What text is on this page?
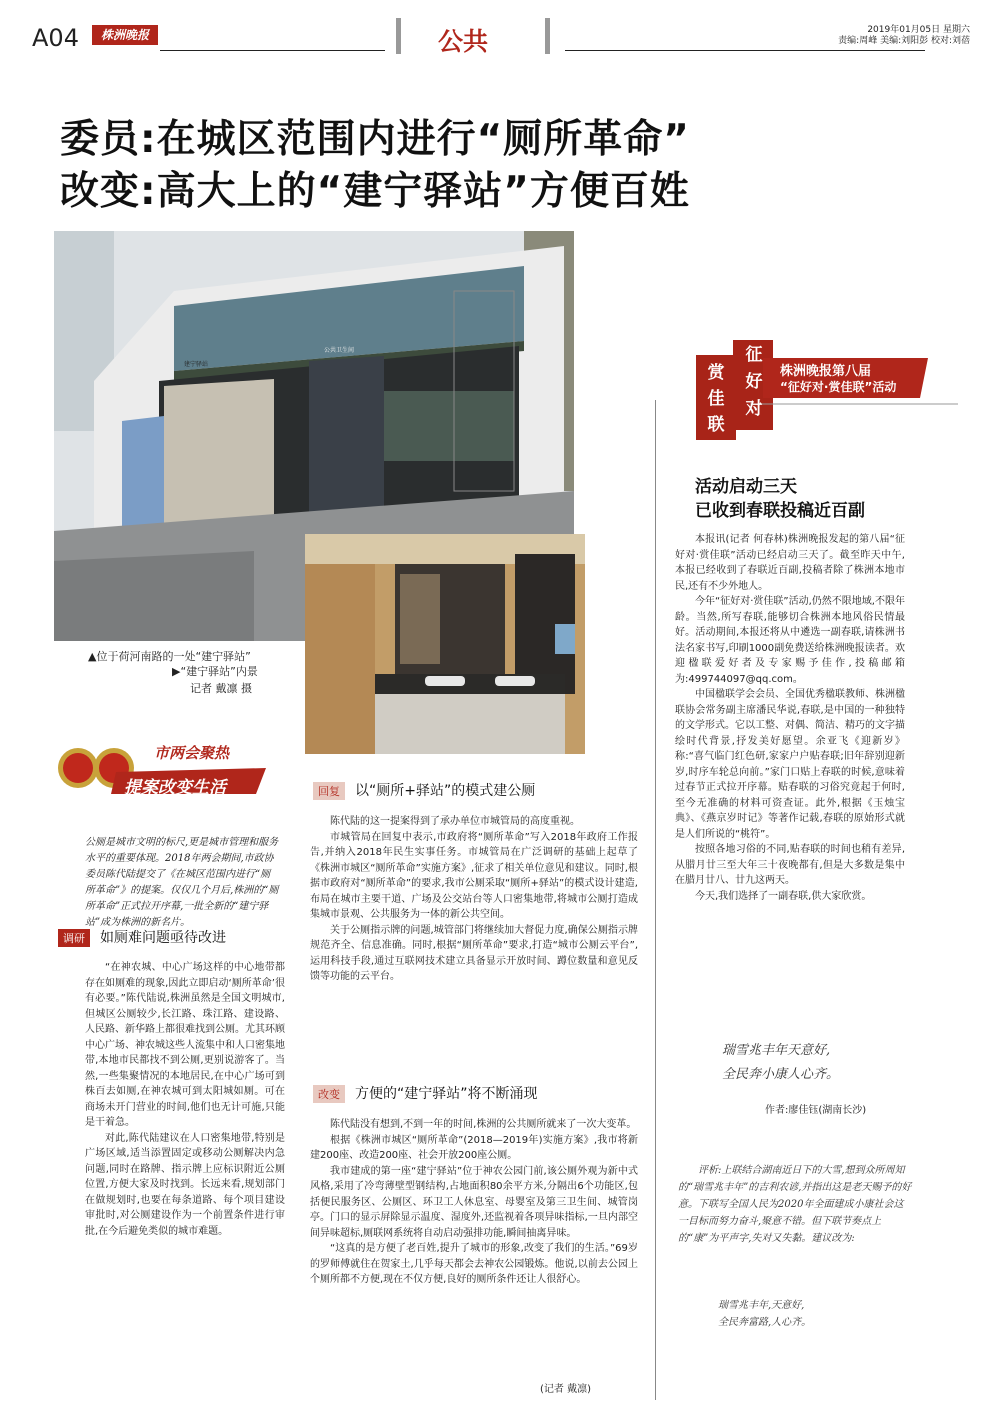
A04	株洲晚报	公共	2019年01月05日 星期六
责编:周峰 美编:刘阳彭 校对:刘蓓
委员:在城区范围内进行“厕所革命”
改变:高大上的“建宁驿站”方便百姓
建宁驿站
公共卫生间
▲位于荷河南路的一处“建宁驿站”
▶“建宁驿站”内景
记者 戴凛 摄
市两会聚热
提案改变生活
公厕是城市文明的标尺,更是城市管理和服务水平的重要体现。2018年两会期间,市政协委员陈代陆提交了《在城区范围内进行“厕所革命”》的提案。仅仅几个月后,株洲的“厕所革命”正式拉开序幕,一批全新的“建宁驿站”成为株洲的新名片。
调研 如厕难问题亟待改进

“在神农城、中心广场这样的中心地带都存在如厕难的现象,因此立即启动‘厕所革命’很有必要。”陈代陆说,株洲虽然是全国文明城市,但城区公厕较少,长江路、珠江路、建设路、人民路、新华路上都很难找到公厕。尤其环顾中心广场、神农城这些人流集中和人口密集地带,本地市民都找不到公厕,更别说游客了。当然,一些集聚情况的本地居民,在中心广场可到株百去如厕,在神农城可到太阳城如厕。可在商场未开门营业的时间,他们也无计可施,只能是干着急。

对此,陈代陆建议在人口密集地带,特别是广场区域,适当添置固定或移动公厕解决内急问题,同时在路牌、指示牌上应标识附近公厕位置,方便大家及时找到。长远来看,规划部门在做规划时,也要在每条道路、每个项目建设审批时,对公厕建设作为一个前置条件进行审批,在今后避免类似的城市难题。

回复 以“厕所+驿站”的模式建公厕

陈代陆的这一提案得到了承办单位市城管局的高度重视。

市城管局在回复中表示,市政府将“厕所革命”写入2018年政府工作报告,并纳入2018年民生实事任务。市城管局在广泛调研的基础上起草了《株洲市城区“厕所革命”实施方案》,征求了相关单位意见和建议。同时,根据市政府对“厕所革命”的要求,我市公厕采取“厕所+驿站”的模式设计建造,布局在城市主要干道、广场及公交站台等人口密集地带,将城市公厕打造成集城市景观、公共服务为一体的新公共空间。

关于公厕指示牌的问题,城管部门将继续加大督促力度,确保公厕指示牌规范齐全、信息准确。同时,根据“厕所革命”要求,打造“城市公厕云平台”,运用科技手段,通过互联网技术建立具备显示开放时间、蹲位数量和意见反馈等功能的云平台。

改变 方便的“建宁驿站”将不断涌现

陈代陆没有想到,不到一年的时间,株洲的公共厕所就来了一次大变革。

根据《株洲市城区“厕所革命”(2018—2019年)实施方案》,我市将新建200座、改造200座、社会开放200座公厕。

我市建成的第一座“建宁驿站”位于神农公园门前,该公厕外观为新中式风格,采用了冷弯薄壁型钢结构,占地面积80余平方米,分隔出6个功能区,包括便民服务区、公厕区、环卫工人休息室、母婴室及第三卫生间、城管岗亭。门口的显示屏除显示温度、湿度外,还监视着各项异味指标,一旦内部空间异味超标,厕联网系统将自动启动强排功能,瞬间抽离异味。

“这真的是方便了老百姓,提升了城市的形象,改变了我们的生活。”69岁的罗师傅就住在贺家土,几乎每天都会去神农公园锻炼。他说,以前去公园上个厕所都不方便,现在不仅方便,良好的厕所条件还让人很舒心。

(记者 戴凛)
征
好
对
赏
佳
联
株洲晚报第八届
“征好对·赏佳联”活动
活动启动三天
已收到春联投稿近百副

本报讯(记者 何春林)株洲晚报发起的第八届“征好对·赏佳联”活动已经启动三天了。截至昨天中午,本报已经收到了春联近百副,投稿者除了株洲本地市民,还有不少外地人。

今年“征好对·赏佳联”活动,仍然不限地域,不限年龄。当然,所写春联,能够切合株洲本地风俗民情最好。活动期间,本报还将从中遴选一副春联,请株洲书法名家书写,印刷1000副免费送给株洲晚报读者。欢迎楹联爱好者及专家赐予佳作,投稿邮箱为:499744097@qq.com。

中国楹联学会会员、全国优秀楹联教师、株洲楹联协会常务副主席潘民华说,春联,是中国的一种独特的文学形式。它以工整、对偶、简洁、精巧的文字描绘时代背景,抒发美好愿望。余亚飞《迎新岁》称:“喜气临门红色研,家家户户贴春联;旧年辞别迎新岁,时序车轮总向前。”家门口贴上春联的时候,意味着过春节正式拉开序幕。贴春联的习俗究竟起于何时,至今无准确的材料可资查证。此外,根据《玉烛宝典》、《燕京岁时记》等著作记载,春联的原始形式就是人们所说的“桃符”。

按照各地习俗的不同,贴春联的时间也稍有差异,从腊月廿三至大年三十夜晚都有,但是大多数是集中在腊月廿八、廿九这两天。

今天,我们选择了一副春联,供大家欣赏。

瑞雪兆丰年天意好,
全民奔小康人心齐。
作者:廖佳钰(湖南长沙)
评析:上联结合湖南近日下的大雪,想到众所周知的“瑞雪兆丰年”的吉利农谚,并指出这是老天赐予的好意。下联写全国人民为2020年全面建成小康社会这一目标而努力奋斗,聚意不错。但下联节奏点上的“康”为平声字,失对又失黏。建议改为:
瑞雪兆丰年,天意好,
全民奔富路,人心齐。
